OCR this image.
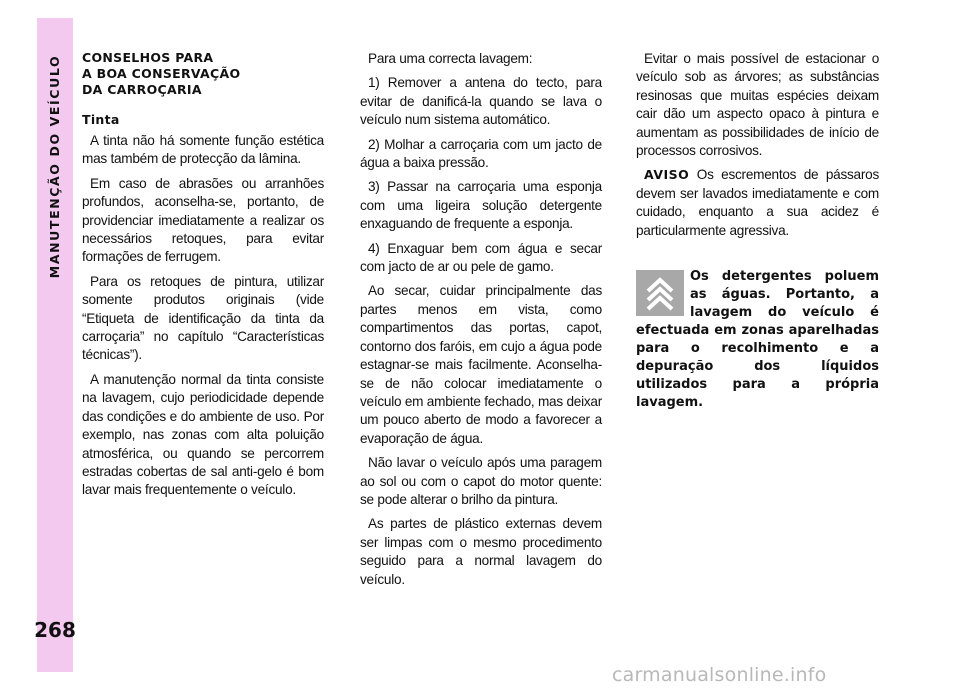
MANUTENÇÃO DO VEÍCULO
268
CONSELHOS PARA
A BOA CONSERVAÇÃO
DA CARROÇARIA
Tinta

A tinta não há somente função estética mas também de protecção da lâmina.

Em caso de abrasões ou arranhões profundos, aconselha-se, portanto, de providenciar imediatamente a realizar os necessários retoques, para evitar formações de ferrugem.

Para os retoques de pintura, utilizar somente produtos originais (vide “Etiqueta de identificação da tinta da carroçaria” no capítulo “Características técnicas”).

A manutenção normal da tinta consiste na lavagem, cujo periodicidade depende das condições e do ambiente de uso. Por exemplo, nas zonas com alta poluição atmosférica, ou quando se percorrem estradas cobertas de sal anti-gelo é bom lavar mais frequentemente o veículo.

Para uma correcta lavagem:

1) Remover a antena do tecto, para evitar de danificá-la quando se lava o veículo num sistema automático.

2) Molhar a carroçaria com um jacto de água a baixa pressão.

3) Passar na carroçaria uma esponja com uma ligeira solução detergente enxaguando de frequente a esponja.

4) Enxaguar bem com água e secar com jacto de ar ou pele de gamo.

Ao secar, cuidar principalmente das partes menos em vista, como compartimentos das portas, capot, contorno dos faróis, em cujo a água pode estagnar-se mais facilmente. Aconselha-se de não colocar imediatamente o veículo em ambiente fechado, mas deixar um pouco aberto de modo a favorecer a evaporação de água.

Não lavar o veículo após uma paragem ao sol ou com o capot do motor quente: se pode alterar o brilho da pintura.

As partes de plástico externas devem ser limpas com o mesmo procedimento seguido para a normal lavagem do veículo.

Evitar o mais possível de estacionar o veículo sob as árvores; as substâncias resinosas que muitas espécies deixam cair dão um aspecto opaco à pintura e aumentam as possibilidades de início de processos corrosivos.

AVISO Os escrementos de pássaros devem ser lavados imediatamente e com cuidado, enquanto a sua acidez é particularmente agressiva.

Os detergentes poluem as águas. Portanto, a lavagem do veículo é efectuada em zonas aparelhadas para o recolhimento e a depuração dos líquidos utilizados para a própria lavagem.
carmanualsonline.info
